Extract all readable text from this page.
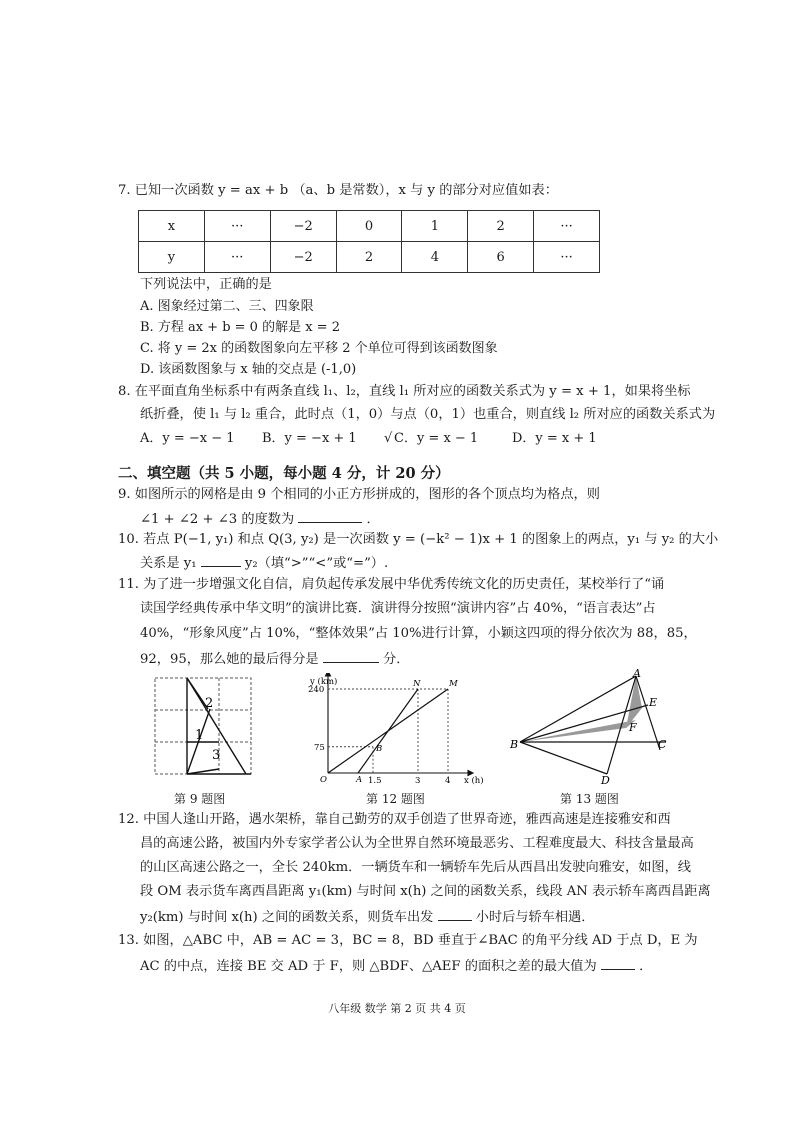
7. 已知一次函数 y = ax + b （a、b 是常数），x 与 y 的部分对应值如表：
x	···	−2	0	1	2	···
y	···	−2	2	4	6	···
下列说法中，正确的是
A. 图象经过第二、三、四象限
B. 方程 ax + b = 0 的解是 x = 2
C. 将 y = 2x 的函数图象向左平移 2 个单位可得到该函数图象
D. 该函数图象与 x 轴的交点是 (-1,0)
8. 在平面直角坐标系中有两条直线 l₁、l₂，直线 l₁ 所对应的函数关系式为 y = x + 1，如果将坐标
纸折叠，使 l₁ 与 l₂ 重合，此时点（1，0）与点（0，1）也重合，则直线 l₂ 所对应的函数关系式为
A．y = −x − 1 B．y = −x + 1 √ C．y = x − 1	D．y = x + 1
二、填空题（共 5 小题，每小题 4 分，计 20 分）
9. 如图所示的网格是由 9 个相同的小正方形拼成的，图形的各个顶点均为格点，则
∠1 + ∠2 + ∠3 的度数为	．
10. 若点 P(−1, y₁) 和点 Q(3, y₂) 是一次函数 y = (−k² − 1)x + 1 的图象上的两点，y₁ 与 y₂ 的大小
关系是 y₁	y₂（填“>”“<”或“=”）.
11. 为了进一步增强文化自信，肩负起传承发展中华优秀传统文化的历史责任，某校举行了“诵
读国学经典传承中华文明”的演讲比赛．演讲得分按照“演讲内容”占 40%，“语言表达”占
40%，“形象风度”占 10%，“整体效果”占 10%进行计算，小颖这四项的得分依次为 88，85，
92，95，那么她的最后得分是	分．
1
2
3
第 9 题图
y (km)
x (h)
240
75
1.5	3	4
O	A
B
N	M
第 12 题图
A
B	C
D
E
F
第 13 题图
12. 中国人逢山开路，遇水架桥，靠自己勤劳的双手创造了世界奇迹，雅西高速是连接雅安和西
昌的高速公路，被国内外专家学者公认为全世界自然环境最恶劣、工程难度最大、科技含量最高
的山区高速公路之一，全长 240km．一辆货车和一辆轿车先后从西昌出发驶向雅安，如图，线
段 OM 表示货车离西昌距离 y₁(km) 与时间 x(h) 之间的函数关系，线段 AN 表示轿车离西昌距离
y₂(km) 与时间 x(h) 之间的函数关系，则货车出发	小时后与轿车相遇．
13. 如图，△ABC 中，AB = AC = 3，BC = 8，BD 垂直于∠BAC 的角平分线 AD 于点 D，E 为
AC 的中点，连接 BE 交 AD 于 F，则 △BDF、△AEF 的面积之差的最大值为	．
八年级 数学 第 2 页 共 4 页
